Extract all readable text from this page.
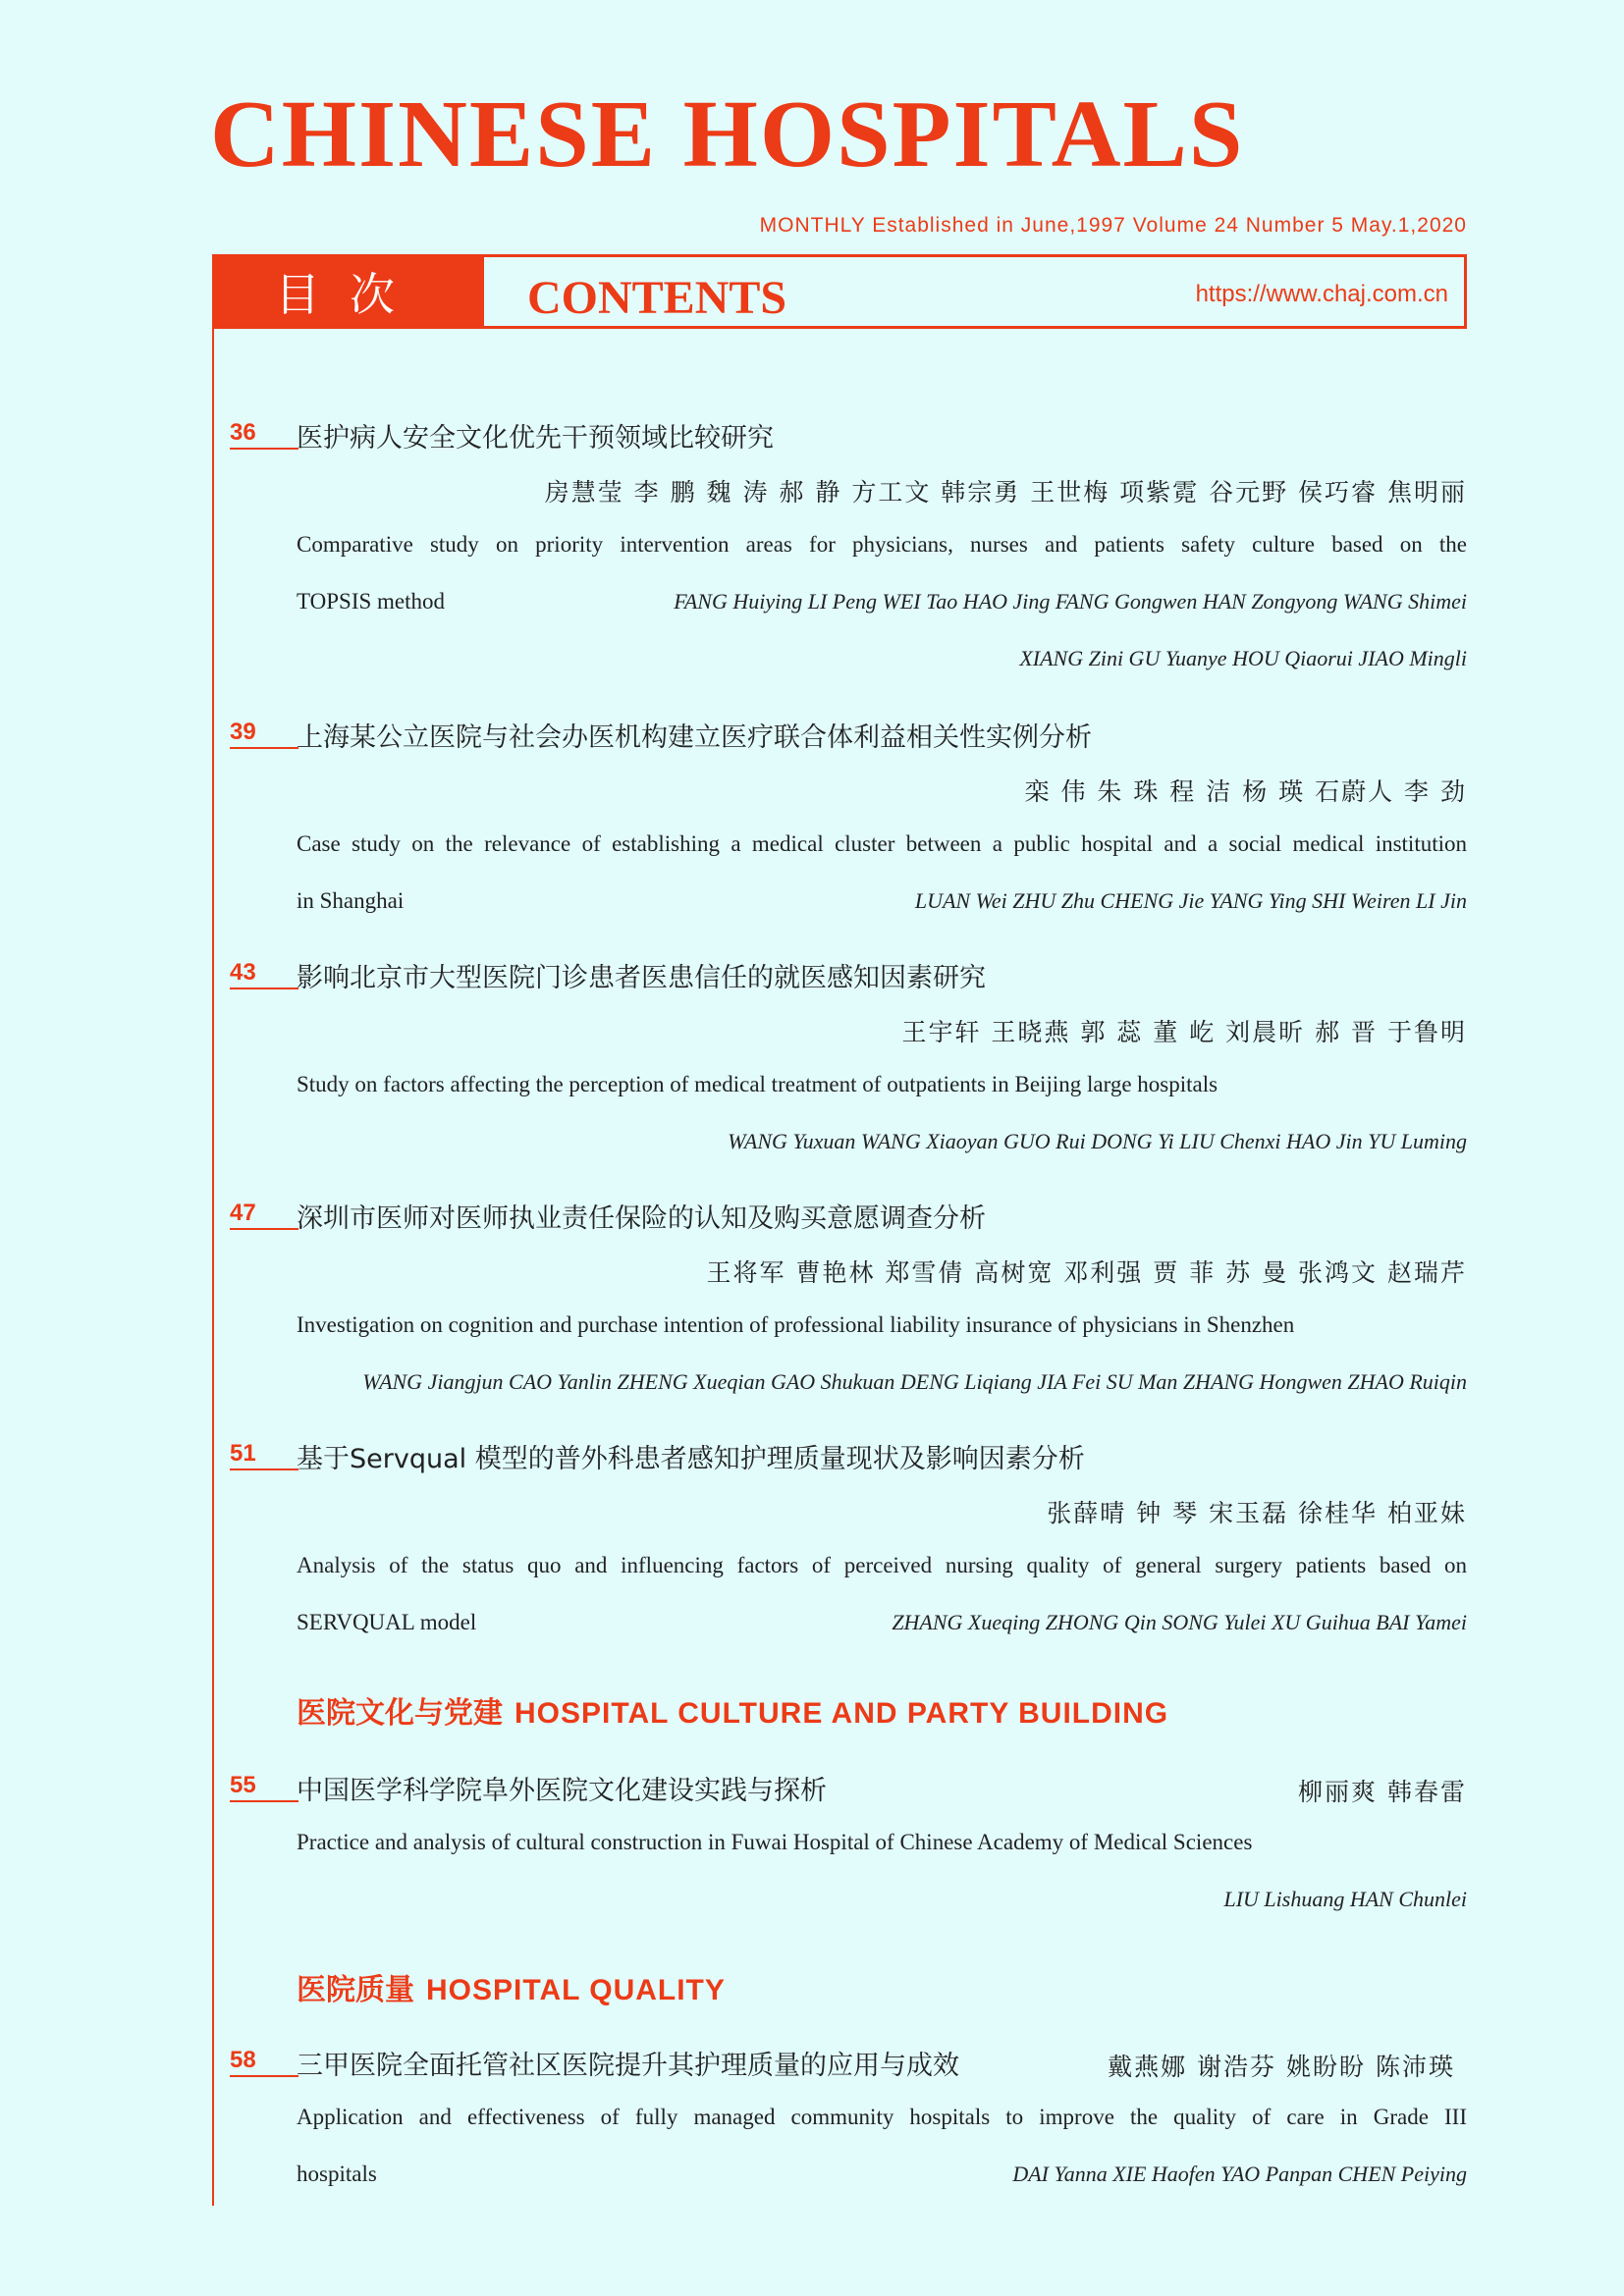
CHINESE HOSPITALS
MONTHLY Established in June,1997 Volume 24 Number 5 May.1,2020
目次	CONTENTS	https://www.chaj.com.cn
36	医护病人安全文化优先干预领域比较研究
房慧莹 李 鹏 魏 涛 郝 静 方工文 韩宗勇 王世梅 项紫霓 谷元野 侯巧睿 焦明丽
Comparative study on priority intervention areas for physicians, nurses and patients safety culture based on the
TOPSIS method	FANG Huiying LI Peng WEI Tao HAO Jing FANG Gongwen HAN Zongyong WANG Shimei
XIANG Zini GU Yuanye HOU Qiaorui JIAO Mingli
39	上海某公立医院与社会办医机构建立医疗联合体利益相关性实例分析
栾 伟 朱 珠 程 洁 杨 瑛 石蔚人 李 劲
Case study on the relevance of establishing a medical cluster between a public hospital and a social medical institution
in Shanghai	LUAN Wei ZHU Zhu CHENG Jie YANG Ying SHI Weiren LI Jin
43	影响北京市大型医院门诊患者医患信任的就医感知因素研究
王宇轩 王晓燕 郭 蕊 董 屹 刘晨昕 郝 晋 于鲁明
Study on factors affecting the perception of medical treatment of outpatients in Beijing large hospitals
WANG Yuxuan WANG Xiaoyan GUO Rui DONG Yi LIU Chenxi HAO Jin YU Luming
47	深圳市医师对医师执业责任保险的认知及购买意愿调查分析
王将军 曹艳林 郑雪倩 高树宽 邓利强 贾 菲 苏 曼 张鸿文 赵瑞芹
Investigation on cognition and purchase intention of professional liability insurance of physicians in Shenzhen
WANG Jiangjun CAO Yanlin ZHENG Xueqian GAO Shukuan DENG Liqiang JIA Fei SU Man ZHANG Hongwen ZHAO Ruiqin
51	基于Servqual 模型的普外科患者感知护理质量现状及影响因素分析
张薛晴 钟 琴 宋玉磊 徐桂华 柏亚妹
Analysis of the status quo and influencing factors of perceived nursing quality of general surgery patients based on
SERVQUAL model	ZHANG Xueqing ZHONG Qin SONG Yulei XU Guihua BAI Yamei
医院文化与党建 HOSPITAL CULTURE AND PARTY BUILDING
55	中国医学科学院阜外医院文化建设实践与探析	柳丽爽 韩春雷
Practice and analysis of cultural construction in Fuwai Hospital of Chinese Academy of Medical Sciences
LIU Lishuang HAN Chunlei
医院质量 HOSPITAL QUALITY
58	三甲医院全面托管社区医院提升其护理质量的应用与成效	戴燕娜 谢浩芬 姚盼盼 陈沛瑛
Application and effectiveness of fully managed community hospitals to improve the quality of care in Grade III
hospitals	DAI Yanna XIE Haofen YAO Panpan CHEN Peiying
